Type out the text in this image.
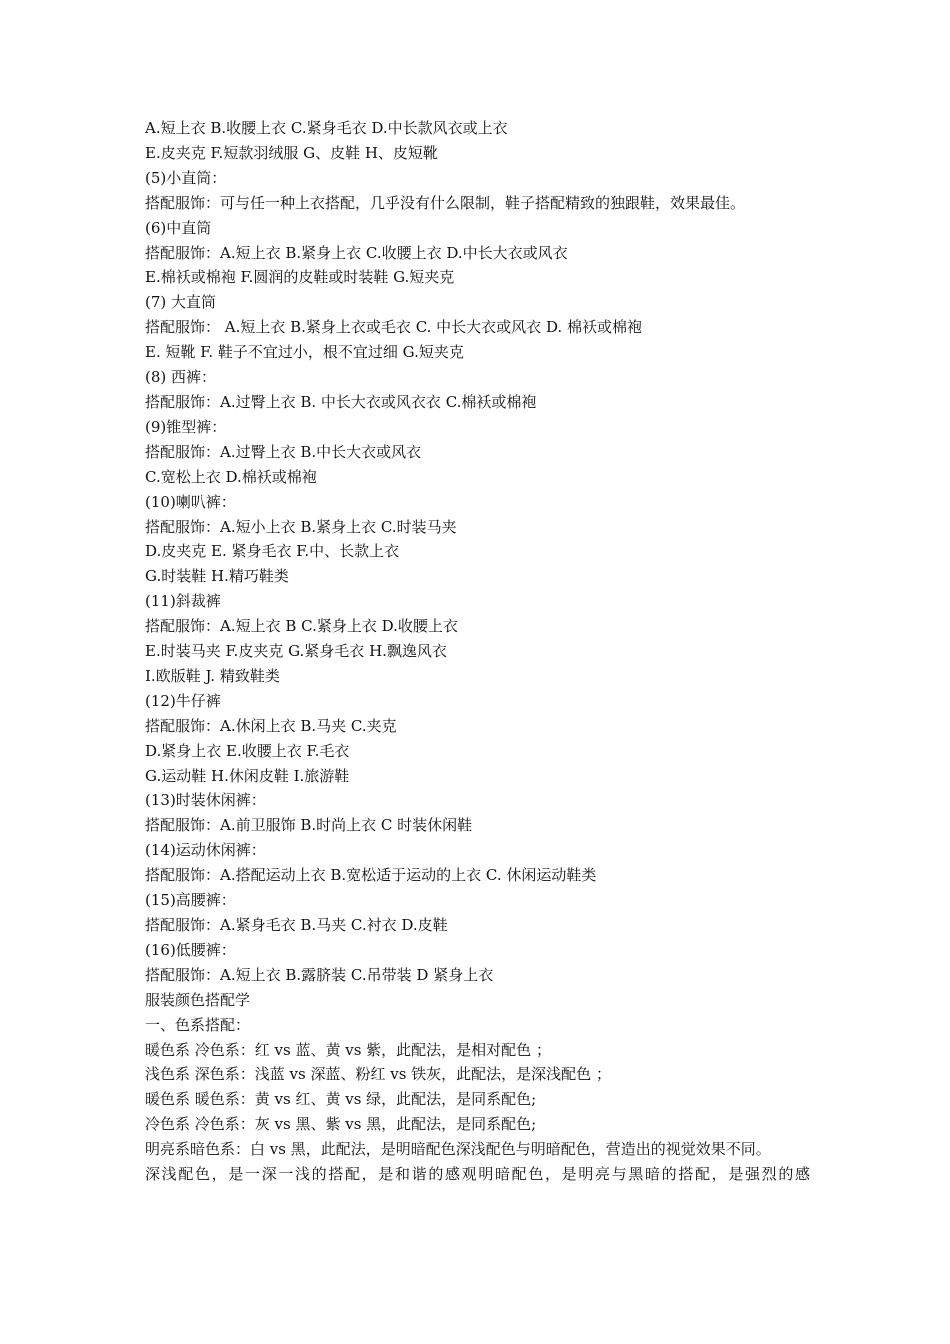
A.短上衣 B.收腰上衣 C.紧身毛衣 D.中长款风衣或上衣
E.皮夹克 F.短款羽绒服 G、皮鞋 H、皮短靴
(5)小直筒：
搭配服饰：可与任一种上衣搭配，几乎没有什么限制，鞋子搭配精致的独跟鞋，效果最佳。
(6)中直筒
搭配服饰：A.短上衣 B.紧身上衣 C.收腰上衣 D.中长大衣或风衣
E.棉袄或棉袍 F.圆润的皮鞋或时装鞋 G.短夹克
(7) 大直筒
搭配服饰： A.短上衣 B.紧身上衣或毛衣 C. 中长大衣或风衣 D. 棉袄或棉袍
E. 短靴 F. 鞋子不宜过小，根不宜过细 G.短夹克
(8) 西裤：
搭配服饰：A.过臀上衣 B. 中长大衣或风衣衣 C.棉袄或棉袍
(9)锥型裤：
搭配服饰：A.过臀上衣 B.中长大衣或风衣
C.宽松上衣 D.棉袄或棉袍
(10)喇叭裤：
搭配服饰：A.短小上衣 B.紧身上衣 C.时装马夹
D.皮夹克 E. 紧身毛衣 F.中、长款上衣
G.时装鞋 H.精巧鞋类
(11)斜裁裤
搭配服饰：A.短上衣 B C.紧身上衣 D.收腰上衣
E.时装马夹 F.皮夹克 G.紧身毛衣 H.飘逸风衣
I.欧版鞋 J. 精致鞋类
(12)牛仔裤
搭配服饰：A.休闲上衣 B.马夹 C.夹克
D.紧身上衣 E.收腰上衣 F.毛衣
G.运动鞋 H.休闲皮鞋 I.旅游鞋
(13)时装休闲裤：
搭配服饰：A.前卫服饰 B.时尚上衣 C 时装休闲鞋
(14)运动休闲裤：
搭配服饰：A.搭配运动上衣 B.宽松适于运动的上衣 C. 休闲运动鞋类
(15)高腰裤：
搭配服饰：A.紧身毛衣 B.马夹 C.衬衣 D.皮鞋
(16)低腰裤：
搭配服饰：A.短上衣 B.露脐装 C.吊带装 D 紧身上衣
服装颜色搭配学
一、色系搭配：
暖色系 冷色系：红 vs 蓝、黄 vs 紫，此配法，是相对配色 ；
浅色系 深色系：浅蓝 vs 深蓝、粉红 vs 铁灰，此配法，是深浅配色 ；
暖色系 暖色系：黄 vs 红、黄 vs 绿，此配法，是同系配色;
冷色系 冷色系：灰 vs 黑、紫 vs 黑，此配法，是同系配色;
明亮系暗色系：白 vs 黑，此配法，是明暗配色深浅配色与明暗配色，营造出的视觉效果不同。
深浅配色，是一深一浅的搭配，是和谐的感观明暗配色，是明亮与黑暗的搭配，是强烈的感
